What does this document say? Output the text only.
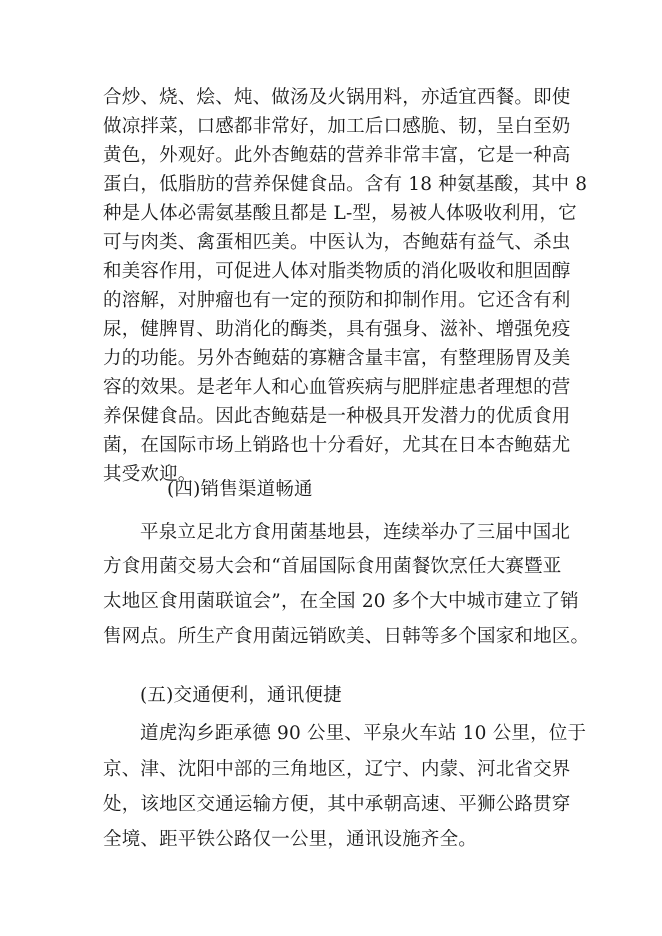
合炒、烧、烩、炖、做汤及火锅用料，亦适宜西餐。即使
做凉拌菜，口感都非常好，加工后口感脆、韧，呈白至奶
黄色，外观好。此外杏鲍菇的营养非常丰富，它是一种高
蛋白，低脂肪的营养保健食品。含有 18 种氨基酸，其中 8
种是人体必需氨基酸且都是 L-型，易被人体吸收利用，它
可与肉类、禽蛋相匹美。中医认为，杏鲍菇有益气、杀虫
和美容作用，可促进人体对脂类物质的消化吸收和胆固醇
的溶解，对肿瘤也有一定的预防和抑制作用。它还含有利
尿，健脾胃、助消化的酶类，具有强身、滋补、增强免疫
力的功能。另外杏鲍菇的寡糖含量丰富，有整理肠胃及美
容的效果。是老年人和心血管疾病与肥胖症患者理想的营
养保健食品。因此杏鲍菇是一种极具开发潜力的优质食用
菌，在国际市场上销路也十分看好，尤其在日本杏鲍菇尤
其受欢迎。
(四)销售渠道畅通
平泉立足北方食用菌基地县，连续举办了三届中国北
方食用菌交易大会和“首届国际食用菌餐饮烹任大赛暨亚
太地区食用菌联谊会”，在全国 20 多个大中城市建立了销
售网点。所生产食用菌远销欧美、日韩等多个国家和地区。
(五)交通便利，通讯便捷
道虎沟乡距承德 90 公里、平泉火车站 10 公里，位于
京、津、沈阳中部的三角地区，辽宁、内蒙、河北省交界
处，该地区交通运输方便，其中承朝高速、平狮公路贯穿
全境、距平铁公路仅一公里，通讯设施齐全。
